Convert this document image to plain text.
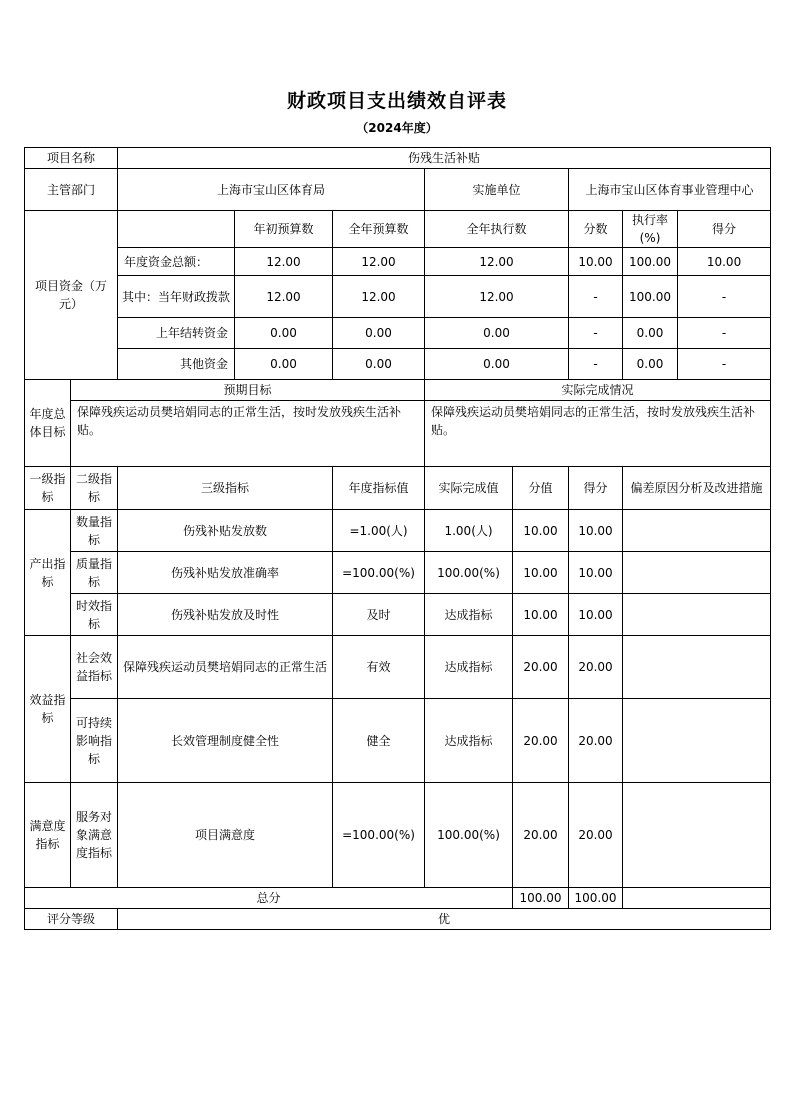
财政项目支出绩效自评表
（2024年度）
项目名称		伤残生活补贴							
主管部门		上海市宝山区体育局			实施单位		上海市宝山区体育事业管理中心		
项目资金（万元）			年初预算数	全年预算数	全年执行数		分数	执行率(%)	得分
		年度资金总额：	12.00	12.00	12.00		10.00	100.00	10.00
		其中：当年财政拨款	12.00	12.00	12.00		-	100.00	-
		上年结转资金	0.00	0.00	0.00		-	0.00	-
		其他资金	0.00	0.00	0.00		-	0.00	-
年度总体目标	预期目标				实际完成情况				
	保障残疾运动员樊培娟同志的正常生活，按时发放残疾生活补贴。				保障残疾运动员樊培娟同志的正常生活，按时发放残疾生活补贴。				
一级指标	二级指标	三级指标		年度指标值	实际完成值	分值	得分	偏差原因分析及改进措施	
产出指标	数量指标	伤残补贴发放数		=1.00(人)	1.00(人)	10.00	10.00		
	质量指标	伤残补贴发放准确率		=100.00(%)	100.00(%)	10.00	10.00		
	时效指标	伤残补贴发放及时性		及时	达成指标	10.00	10.00		
效益指标	社会效益指标	保障残疾运动员樊培娟同志的正常生活		有效	达成指标	20.00	20.00		
	可持续影响指标	长效管理制度健全性		健全	达成指标	20.00	20.00		
满意度指标	服务对象满意度指标	项目满意度		=100.00(%)	100.00(%)	20.00	20.00		
总分						100.00	100.00		
评分等级		优							
